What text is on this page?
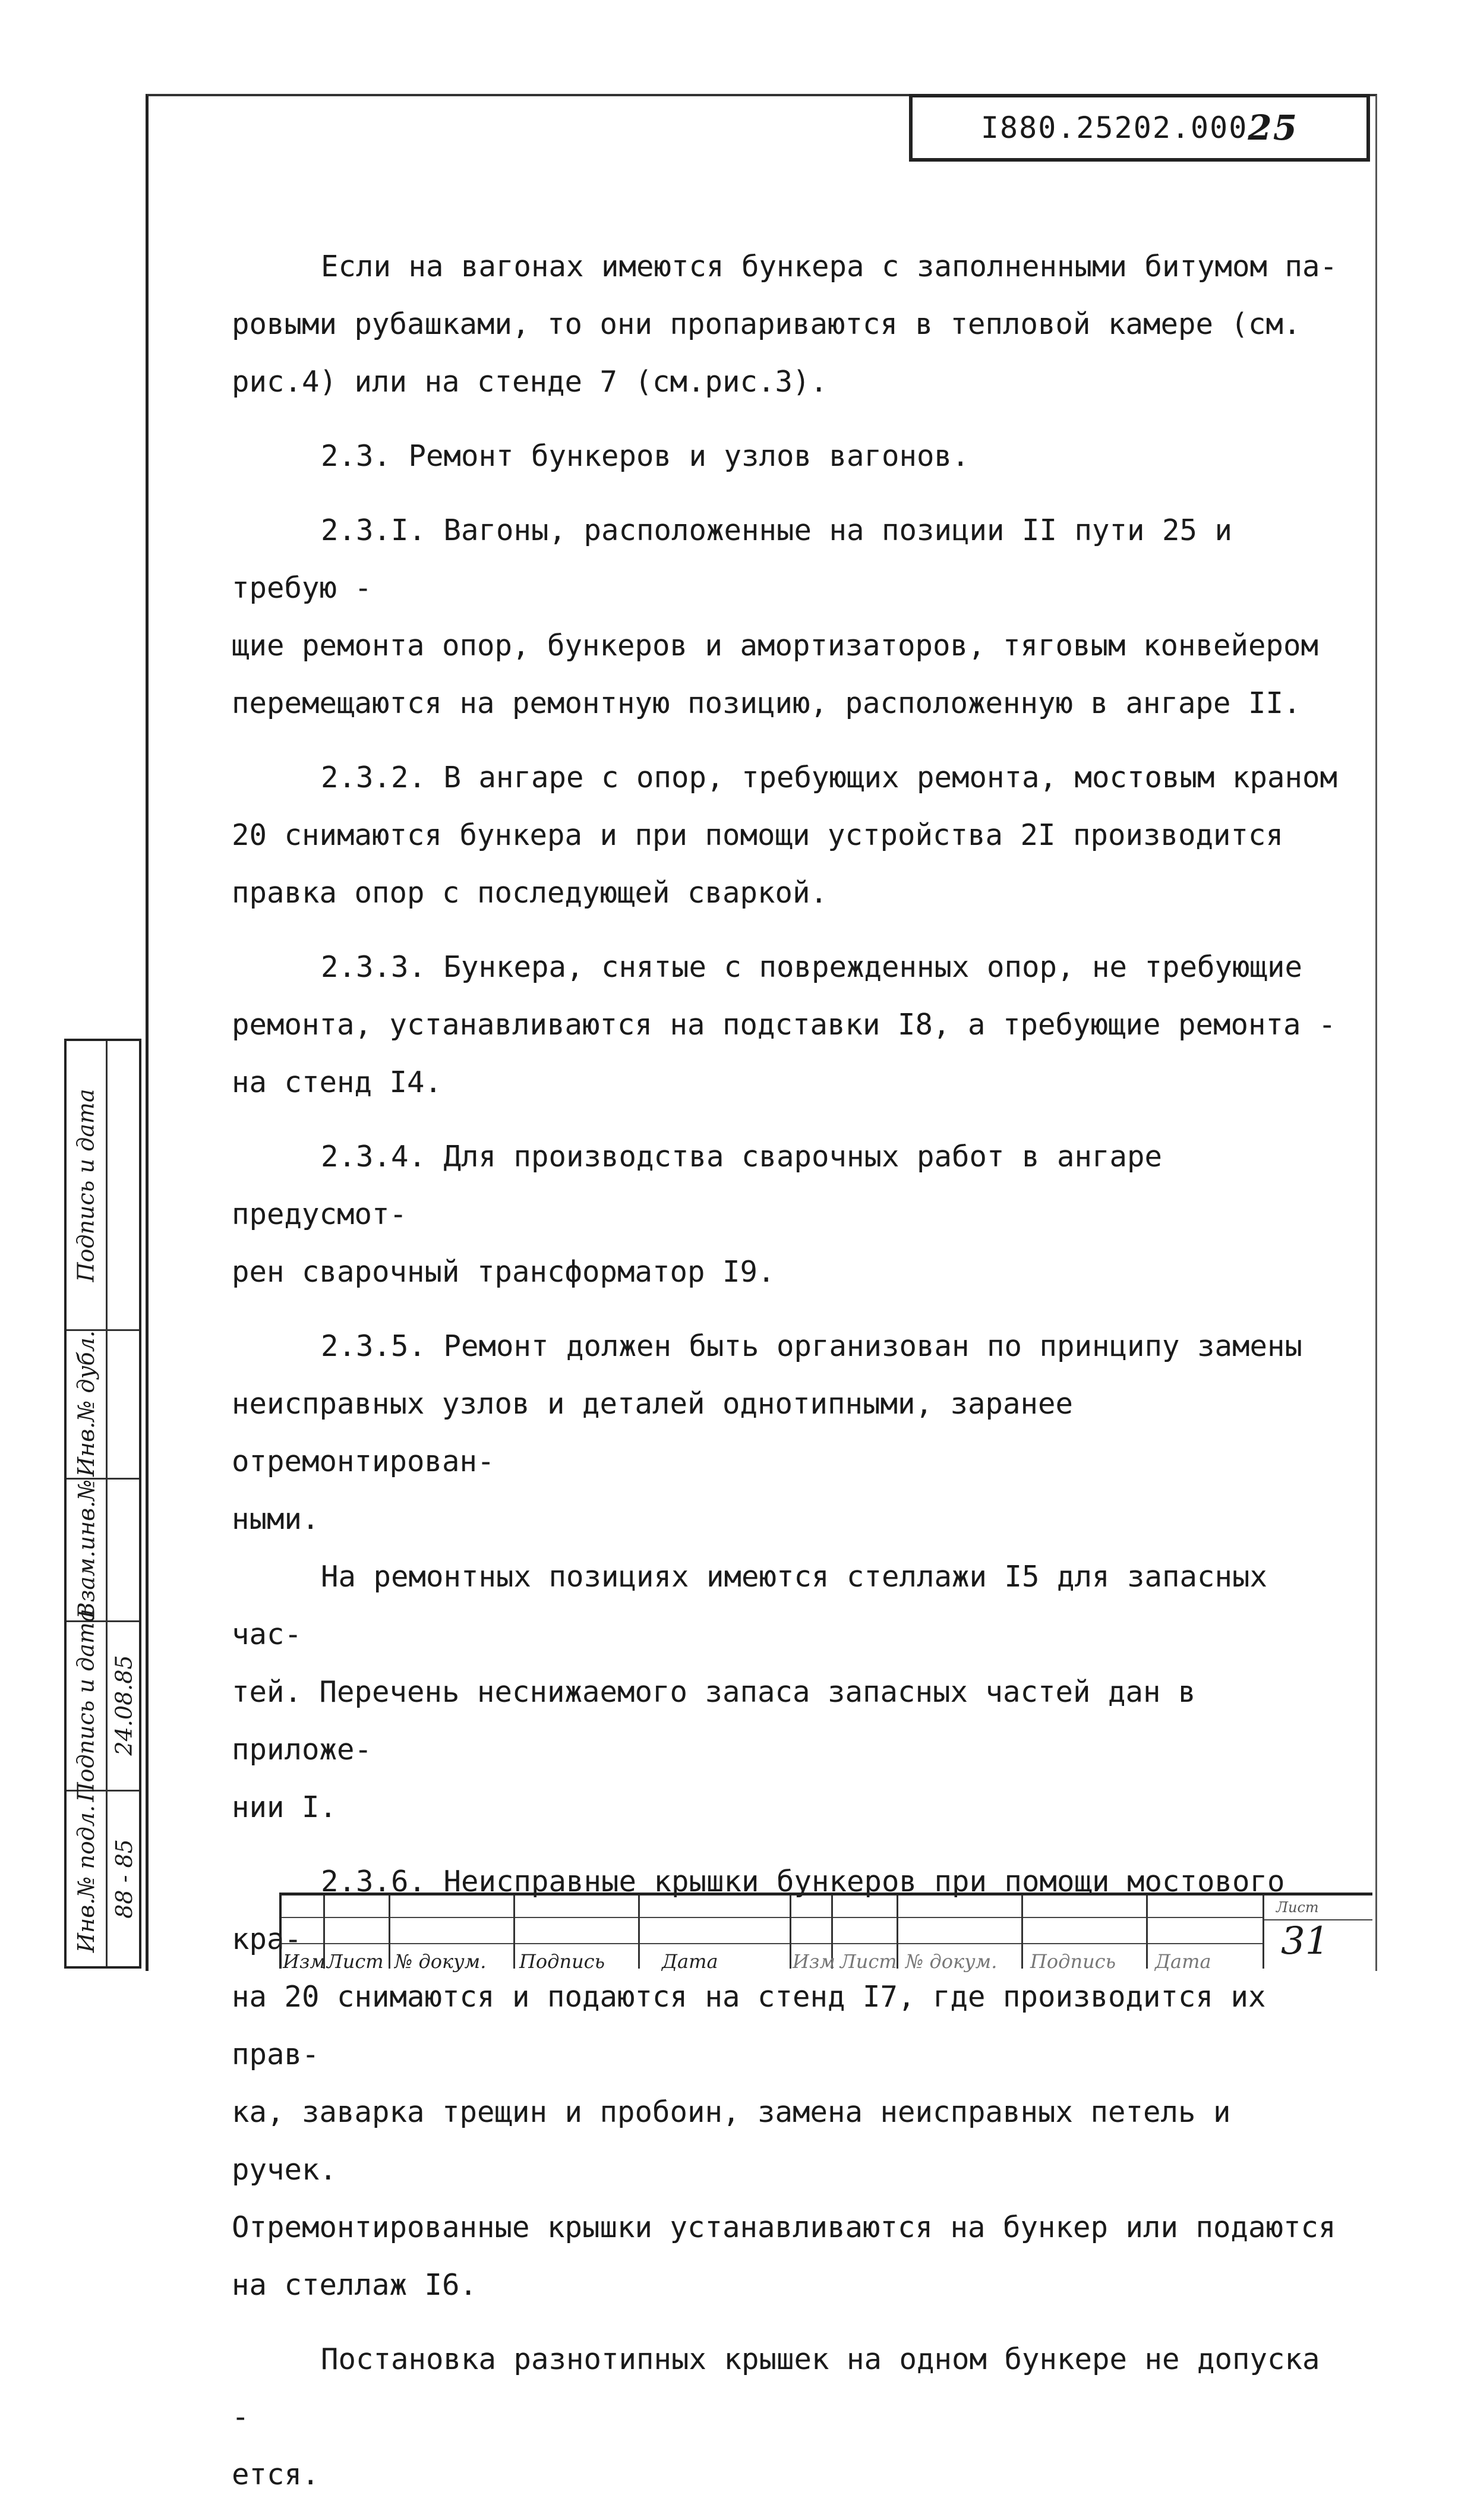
I880.25202.000 25

Если на вагонах имеются бункера с заполненными битумом па-
ровыми рубашками, то они пропариваются в тепловой камере (см.
рис.4) или на стенде 7 (см.рис.3).

2.3. Ремонт бункеров и узлов вагонов.

2.3.I. Вагоны, расположенные на позиции II пути 25 и требую -
щие ремонта опор, бункеров и амортизаторов, тяговым конвейером
перемещаются на ремонтную позицию, расположенную в ангаре II.

2.3.2. В ангаре с опор, требующих ремонта, мостовым краном
20 снимаются бункера и при помощи устройства 2I производится
правка опор с последующей сваркой.

2.3.3. Бункера, снятые с поврежденных опор, не требующие
ремонта, устанавливаются на подставки I8, а требующие ремонта -
на стенд I4.

2.3.4. Для производства сварочных работ в ангаре предусмот-
рен сварочный трансформатор I9.

2.3.5. Ремонт должен быть организован по принципу замены
неисправных узлов и деталей однотипными, заранее отремонтирован-
ными.

На ремонтных позициях имеются стеллажи I5 для запасных час-
тей. Перечень неснижаемого запаса запасных частей дан в приложе-
нии I.

2.3.6. Неисправные крышки бункеров при помощи мостового кра-
на 20 снимаются и подаются на стенд I7, где производится их прав-
ка, заварка трещин и пробоин, замена неисправных петель и ручек.
Отремонтированные крышки устанавливаются на бункер или подаются
на стеллаж I6.

Постановка разнотипных крышек на одном бункере не допуска -
ется.

Подпись и дата
Инв.№ дубл.
Взам.инв.№
Подпись и дата
Инв.№ подл.
24.08.85
88 - 85
Изм Лист № докум. Подпись	Дата	Изм Лист № докум. Подпись Дата
Лист
31
